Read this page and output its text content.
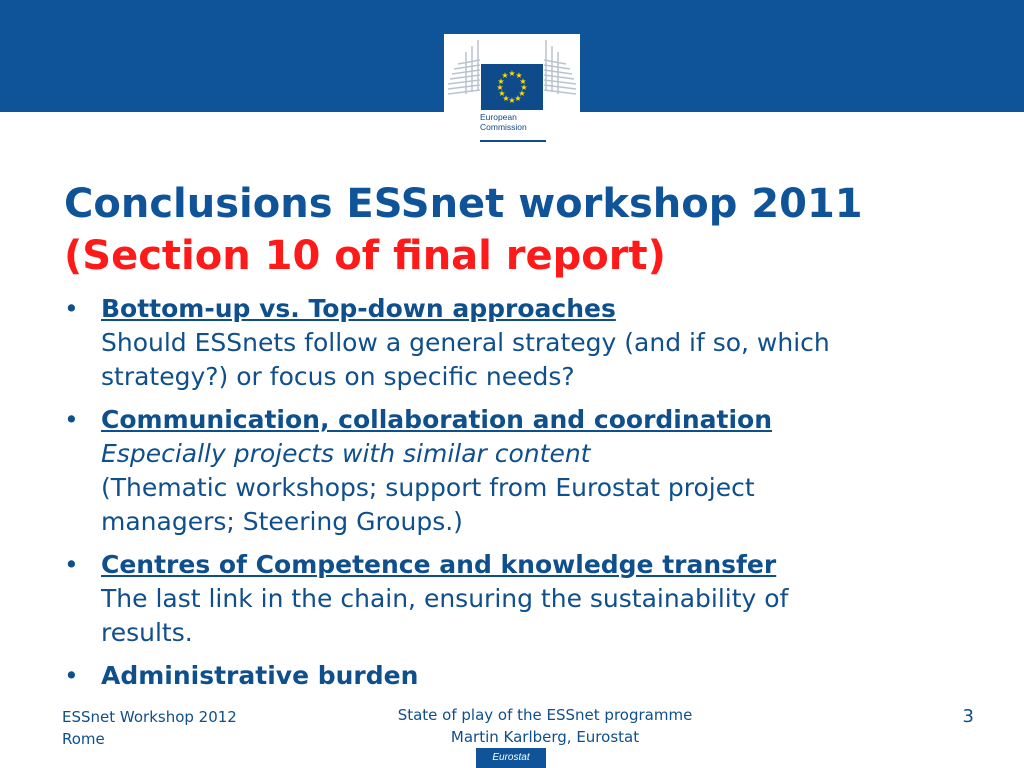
★ ★
★
★
★
★
★
★
★
★
★
★
European
Commission
Conclusions ESSnet workshop 2011
(Section 10 of final report)
• Bottom-up vs. Top-down approaches
Should ESSnets follow a general strategy (and if so, which
strategy?) or focus on specific needs?
• Communication, collaboration and coordination
Especially projects with similar content
(Thematic workshops; support from Eurostat project
managers; Steering Groups.)
• Centres of Competence and knowledge transfer
The last link in the chain, ensuring the sustainability of
results.
• Administrative burden
ESSnet Workshop 2012
Rome
State of play of the ESSnet programme
Martin Karlberg, Eurostat
3
Eurostat
